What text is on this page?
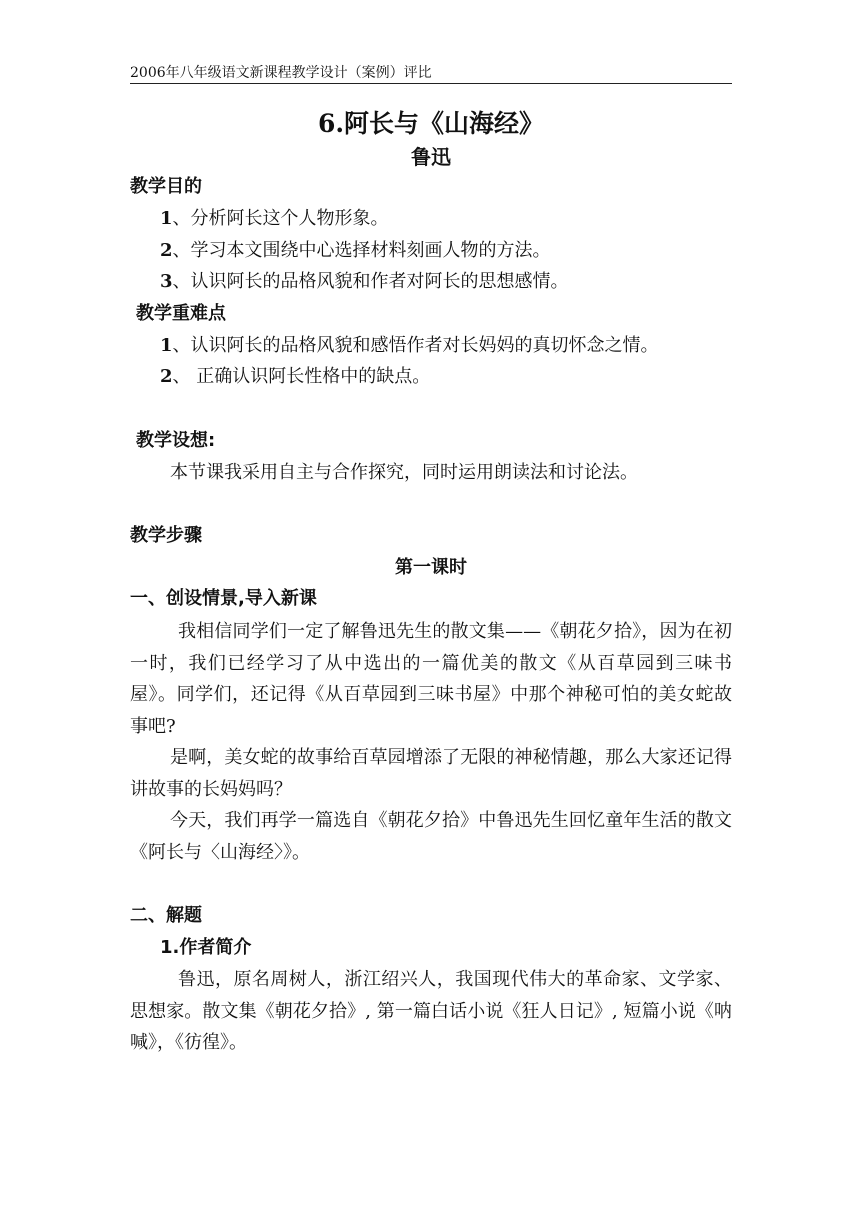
2006年八年级语文新课程教学设计（案例）评比
6.阿长与《山海经》
鲁迅
教学目的
1、分析阿长这个人物形象。
2、学习本文围绕中心选择材料刻画人物的方法。
3、认识阿长的品格风貌和作者对阿长的思想感情。
教学重难点
1、认识阿长的品格风貌和感悟作者对长妈妈的真切怀念之情。
2、 正确认识阿长性格中的缺点。
教学设想:
本节课我采用自主与合作探究，同时运用朗读法和讨论法。
教学步骤
第一课时
一、创设情景,导入新课
我相信同学们一定了解鲁迅先生的散文集——《朝花夕拾》，因为在初一时，我们已经学习了从中选出的一篇优美的散文《从百草园到三味书屋》。同学们，还记得《从百草园到三味书屋》中那个神秘可怕的美女蛇故事吧?
是啊，美女蛇的故事给百草园增添了无限的神秘情趣，那么大家还记得讲故事的长妈妈吗？
今天，我们再学一篇选自《朝花夕拾》中鲁迅先生回忆童年生活的散文《阿长与〈山海经〉》。
二、解题
1.作者简介
鲁迅，原名周树人，浙江绍兴人，我国现代伟大的革命家、文学家、思想家。散文集《朝花夕拾》, 第一篇白话小说《狂人日记》, 短篇小说《呐喊》，《彷徨》。
